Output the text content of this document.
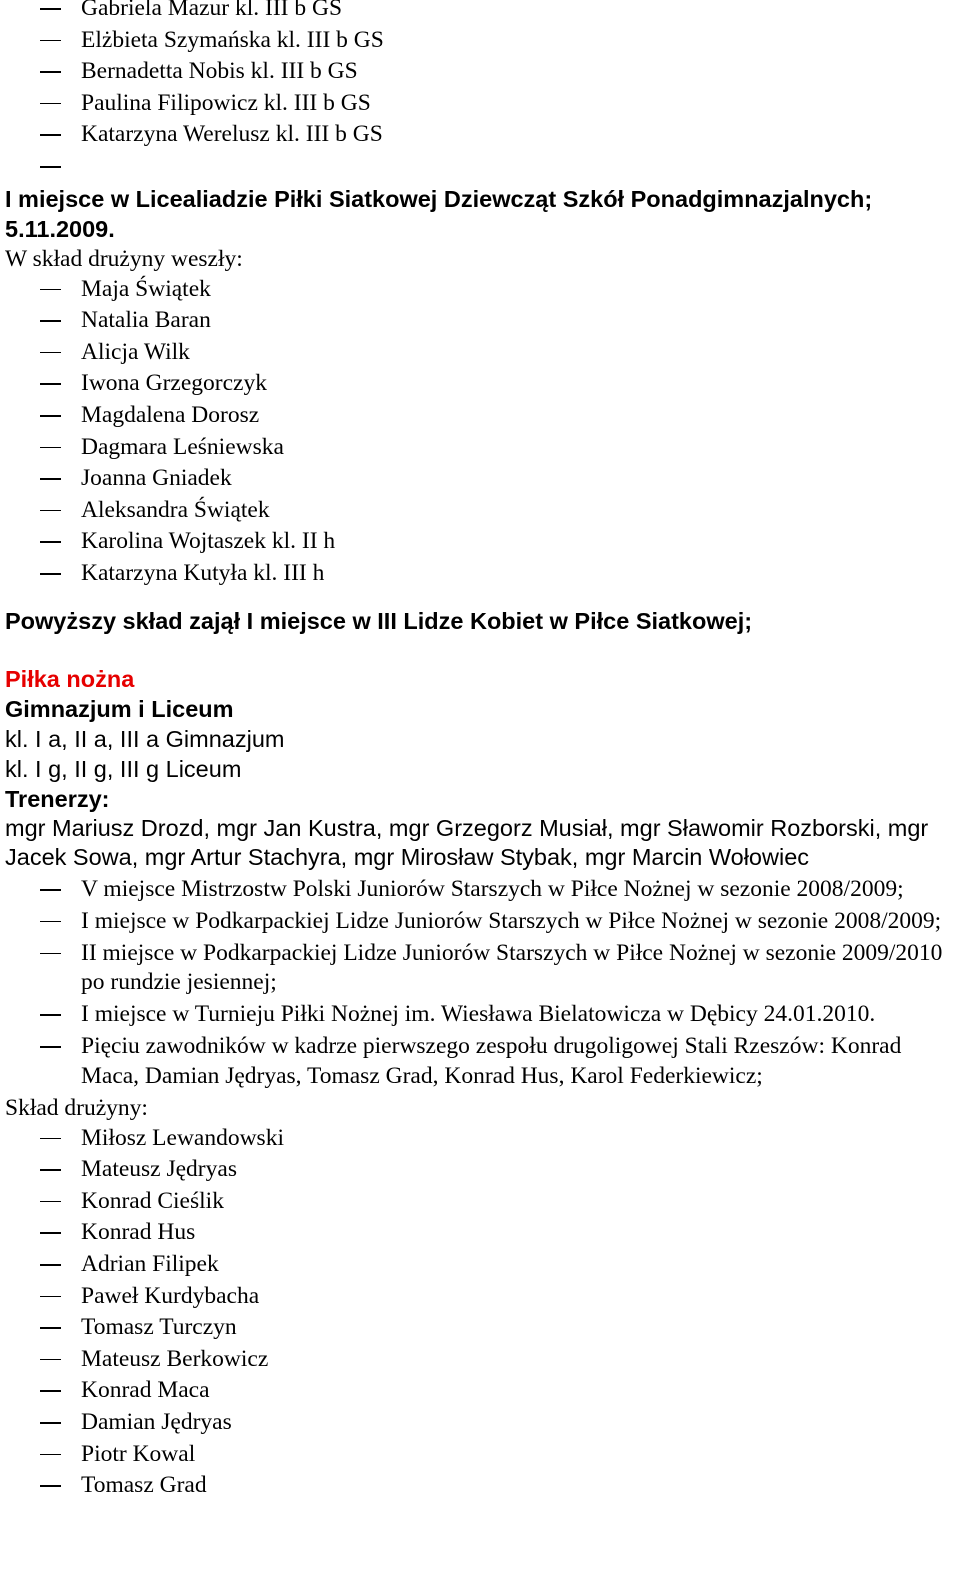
Gabriela Mazur kl. III b GS
Elżbieta Szymańska kl. III b GS
Bernadetta Nobis kl. III b GS
Paulina Filipowicz kl. III b GS
Katarzyna Werelusz kl. III b GS
I miejsce w Licealiadzie Piłki Siatkowej Dziewcząt Szkół Ponadgimnazjalnych;
5.11.2009.
W skład drużyny weszły:
Maja Świątek
Natalia Baran
Alicja Wilk
Iwona Grzegorczyk
Magdalena Dorosz
Dagmara Leśniewska
Joanna Gniadek
Aleksandra Świątek
Karolina Wojtaszek kl. II h
Katarzyna Kutyła kl. III h
Powyższy skład zajął I miejsce w III Lidze Kobiet w Piłce Siatkowej;
Piłka nożna
Gimnazjum i Liceum
kl. I a, II a, III a Gimnazjum
kl. I g, II g, III g Liceum
Trenerzy:
mgr Mariusz Drozd, mgr Jan Kustra, mgr Grzegorz Musiał, mgr Sławomir Rozborski, mgr Jacek Sowa, mgr Artur Stachyra, mgr Mirosław Stybak, mgr Marcin Wołowiec
V miejsce Mistrzostw Polski Juniorów Starszych w Piłce Nożnej w sezonie 2008/2009;
I miejsce w Podkarpackiej Lidze Juniorów Starszych w Piłce Nożnej w sezonie 2008/2009;
II miejsce w Podkarpackiej Lidze Juniorów Starszych w Piłce Nożnej w sezonie 2009/2010 po rundzie jesiennej;
I miejsce w Turnieju Piłki Nożnej im. Wiesława Bielatowicza w Dębicy 24.01.2010.
Pięciu zawodników w kadrze pierwszego zespołu drugoligowej Stali Rzeszów: Konrad Maca, Damian Jędryas, Tomasz Grad, Konrad Hus, Karol Federkiewicz;
Skład drużyny:
Miłosz Lewandowski
Mateusz Jędryas
Konrad Cieślik
Konrad Hus
Adrian Filipek
Paweł Kurdybacha
Tomasz Turczyn
Mateusz Berkowicz
Konrad Maca
Damian Jędryas
Piotr Kowal
Tomasz Grad
